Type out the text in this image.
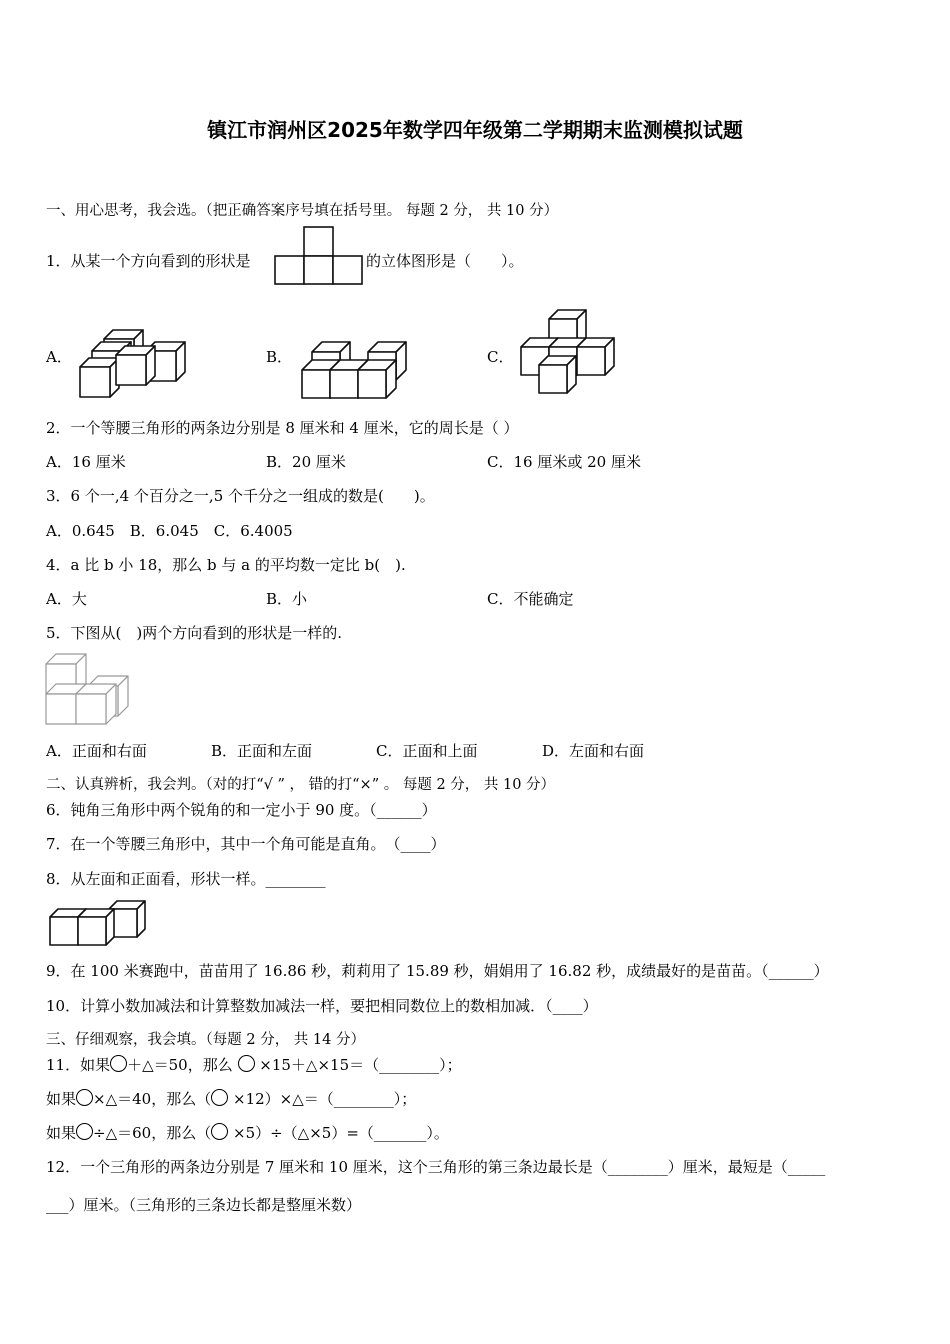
镇江市润州区2025年数学四年级第二学期期末监测模拟试题
一、用心思考，我会选。（把正确答案序号填在括号里。 每题 2 分， 共 10 分）
1．从某一个方向看到的形状是	的立体图形是（　　）。
A．	B．	C．
2．一个等腰三角形的两条边分别是 8 厘米和 4 厘米，它的周长是（ ）
A．16 厘米	B．20 厘米	C．16 厘米或 20 厘米
3．6 个一,4 个百分之一,5 个千分之一组成的数是(　　)。
A．0.645　B．6.045　C．6.4005
4．a 比 b 小 18，那么 b 与 a 的平均数一定比 b(　).
A．大	B．小	C．不能确定
5．下图从(　)两个方向看到的形状是一样的.
A．正面和右面	B．正面和左面	C．正面和上面	D．左面和右面
二、认真辨析，我会判。（对的打“√ ” ， 错的打“×” 。 每题 2 分， 共 10 分）
6．钝角三角形中两个锐角的和一定小于 90 度。（______）
7．在一个等腰三角形中，其中一个角可能是直角。　（____）
8．从左面和正面看，形状一样。________
9．在 100 米赛跑中，苗苗用了 16.86 秒，莉莉用了 15.89 秒，娟娟用了 16.82 秒，成绩最好的是苗苗。（______）
10．计算小数加减法和计算整数加减法一样，要把相同数位上的数相加减．（____）
三、仔细观察，我会填。（每题 2 分， 共 14 分）
11．如果 ＋△＝50，那么 ×15＋△×15＝（________）；
如果 ×△＝40，那么（ ×12）×△＝（________）；
如果 ÷△＝60，那么（ ×5）÷（△×5）=（_______）。
12．一个三角形的两条边分别是 7 厘米和 10 厘米，这个三角形的第三条边最长是（________）厘米，最短是（_____
___）厘米。（三角形的三条边长都是整厘米数）
